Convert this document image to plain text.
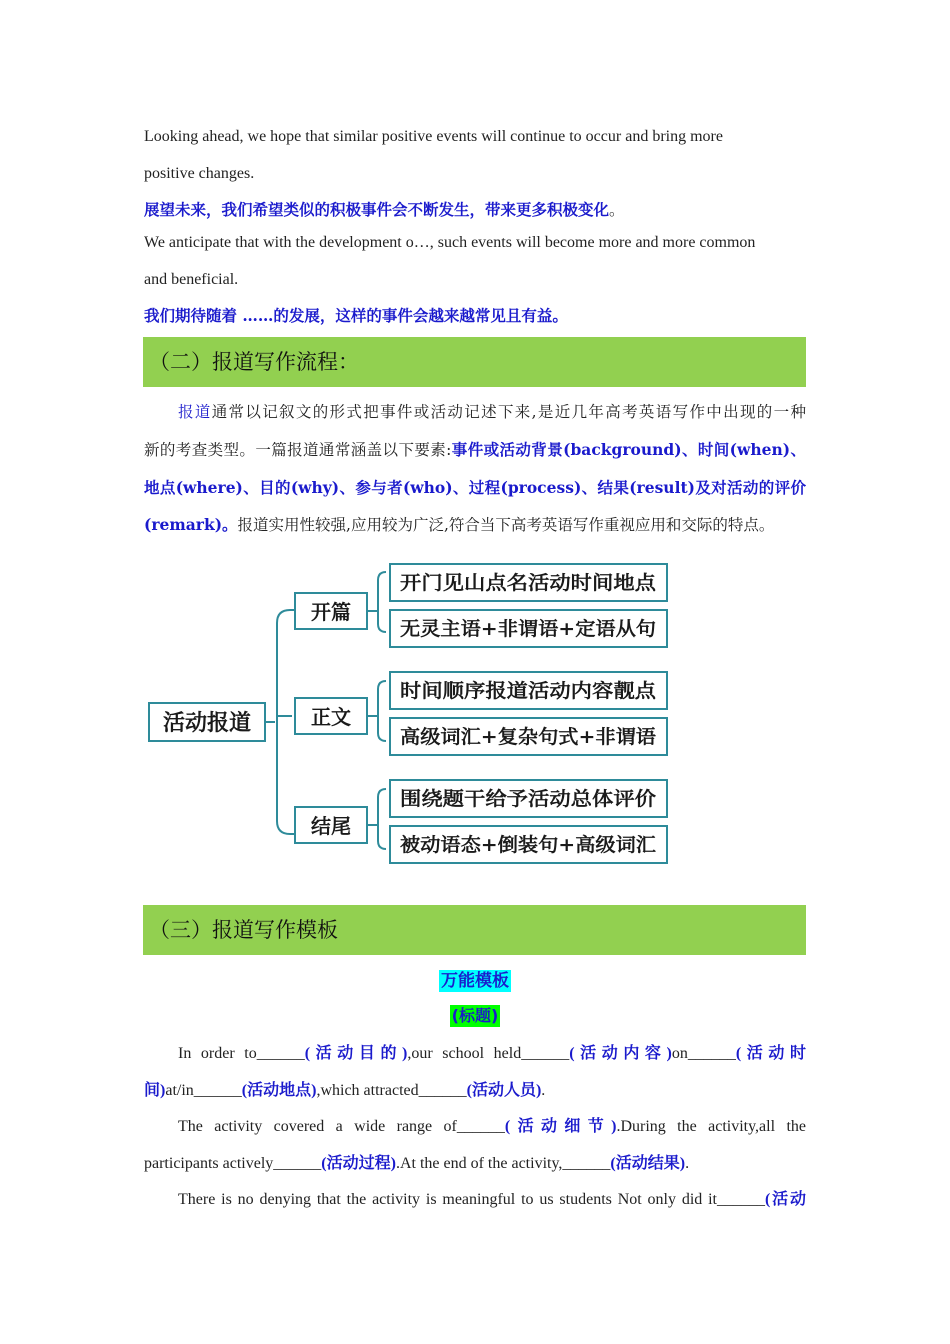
Looking ahead, we hope that similar positive events will continue to occur and bring more
positive changes.
展望未来，我们希望类似的积极事件会不断发生，带来更多积极变化。
We anticipate that with the development o…, such events will become more and more common
and beneficial.
我们期待随着 ……的发展，这样的事件会越来越常见且有益。
（二）报道写作流程：
报道通常以记叙文的形式把事件或活动记述下来,是近几年高考英语写作中出现的一种
新的考查类型。一篇报道通常涵盖以下要素:事件或活动背景(background)、时间(when)、
地点(where)、目的(why)、参与者(who)、过程(process)、结果(result)及对活动的评价
(remark)。报道实用性较强,应用较为广泛,符合当下高考英语写作重视应用和交际的特点。
活动报道
开篇
正文
结尾
开门见山点名活动时间地点
无灵主语+非谓语+定语从句
时间顺序报道活动内容靓点
高级词汇+复杂句式+非谓语
围绕题干给予活动总体评价
被动语态+倒装句+高级词汇
（三）报道写作模板
万能模板
(标题)
In order to______(活动目的),our school held______(活动内容)on______(活动时
间)at/in______(活动地点),which attracted______(活动人员).
The activity covered a wide range of______(活动细节).During the activity,all the
participants actively______(活动过程).At the end of the activity,______(活动结果).
There is no denying that the activity is meaningful to us students Not only did it______(活动
